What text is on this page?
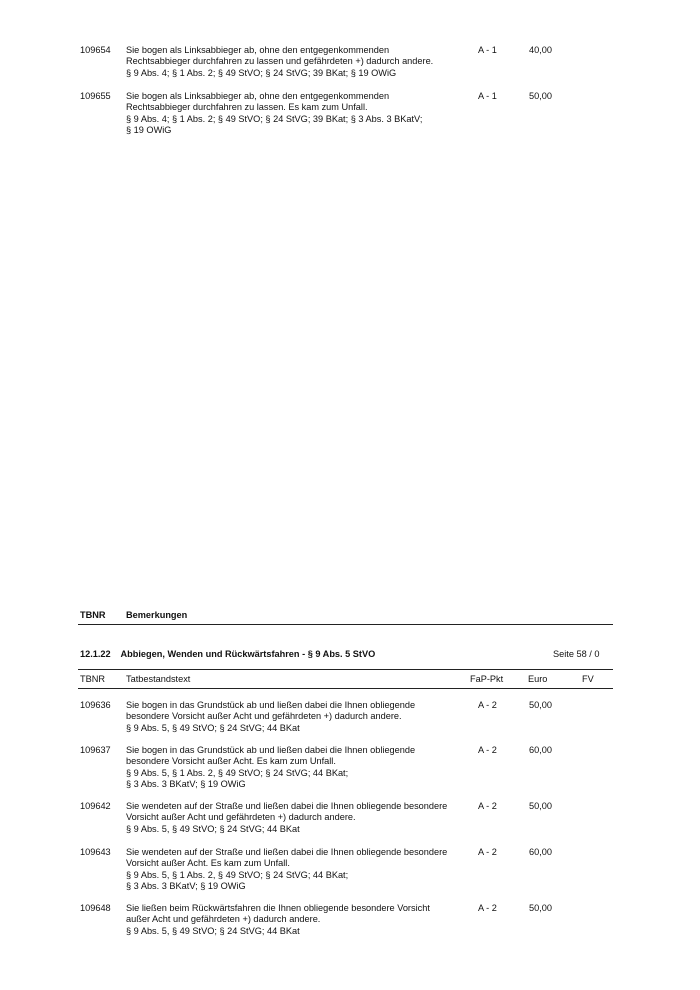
109654 Sie bogen als Linksabbieger ab, ohne den entgegenkommenden
Rechtsabbieger durchfahren zu lassen und gefährdeten +) dadurch andere.
§ 9 Abs. 4; § 1 Abs. 2; § 49 StVO; § 24 StVG; 39 BKat; § 19 OWiG
A - 1	40,00
109655 Sie bogen als Linksabbieger ab, ohne den entgegenkommenden
Rechtsabbieger durchfahren zu lassen. Es kam zum Unfall.
§ 9 Abs. 4; § 1 Abs. 2; § 49 StVO; § 24 StVG; 39 BKat; § 3 Abs. 3 BKatV;
§ 19 OWiG
A - 1	50,00
TBNR Bemerkungen
12.1.22    Abbiegen, Wenden und Rückwärtsfahren - § 9 Abs. 5 StVO	Seite 58 / 0
TBNR Tatbestandstext	FaP-Pkt	Euro	FV
109636 Sie bogen in das Grundstück ab und ließen dabei die Ihnen obliegende
besondere Vorsicht außer Acht und gefährdeten +) dadurch andere.
§ 9 Abs. 5, § 49 StVO; § 24 StVG; 44 BKat
A - 2	50,00
109637 Sie bogen in das Grundstück ab und ließen dabei die Ihnen obliegende
besondere Vorsicht außer Acht. Es kam zum Unfall.
§ 9 Abs. 5, § 1 Abs. 2, § 49 StVO; § 24 StVG; 44 BKat;
§ 3 Abs. 3 BKatV; § 19 OWiG
A - 2	60,00
109642 Sie wendeten auf der Straße und ließen dabei die Ihnen obliegende besondere
Vorsicht außer Acht und gefährdeten +) dadurch andere.
§ 9 Abs. 5, § 49 StVO; § 24 StVG; 44 BKat
A - 2	50,00
109643 Sie wendeten auf der Straße und ließen dabei die Ihnen obliegende besondere
Vorsicht außer Acht. Es kam zum Unfall.
§ 9 Abs. 5, § 1 Abs. 2, § 49 StVO; § 24 StVG; 44 BKat;
§ 3 Abs. 3 BKatV; § 19 OWiG
A - 2	60,00
109648 Sie ließen beim Rückwärtsfahren die Ihnen obliegende besondere Vorsicht
außer Acht und gefährdeten +) dadurch andere.
§ 9 Abs. 5, § 49 StVO; § 24 StVG; 44 BKat
A - 2	50,00
